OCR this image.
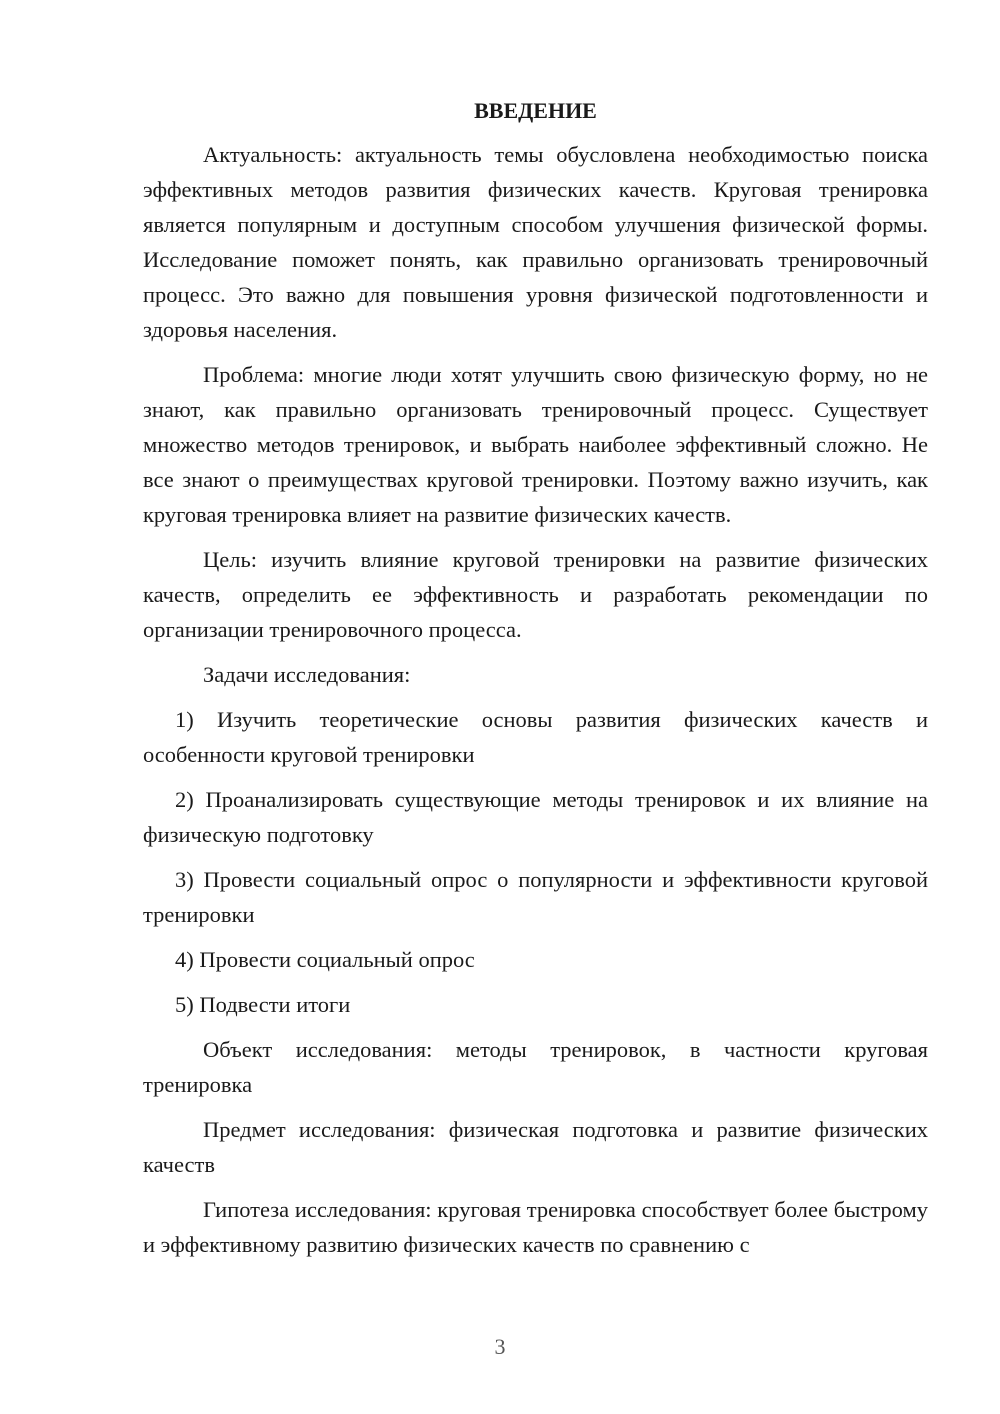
ВВЕДЕНИЕ

Актуальность: актуальность темы обусловлена необходимостью поиска эффективных методов развития физических качеств. Круговая тренировка является популярным и доступным способом улучшения физической формы. Исследование поможет понять, как правильно организовать тренировочный процесс. Это важно для повышения уровня физической подготовленности и здоровья населения.

Проблема: многие люди хотят улучшить свою физическую форму, но не знают, как правильно организовать тренировочный процесс. Существует множество методов тренировок, и выбрать наиболее эффективный сложно. Не все знают о преимуществах круговой тренировки. Поэтому важно изучить, как круговая тренировка влияет на развитие физических качеств.

Цель: изучить влияние круговой тренировки на развитие физических качеств, определить ее эффективность и разработать рекомендации по организации тренировочного процесса.

Задачи исследования:

1) Изучить теоретические основы развития физических качеств и особенности круговой тренировки

2) Проанализировать существующие методы тренировок и их влияние на физическую подготовку

3) Провести социальный опрос о популярности и эффективности круговой тренировки

4) Провести социальный опрос

5) Подвести итоги

Объект исследования: методы тренировок, в частности круговая тренировка

Предмет исследования: физическая подготовка и развитие физических качеств

Гипотеза исследования: круговая тренировка способствует более быстрому и эффективному развитию физических качеств по сравнению с

3
